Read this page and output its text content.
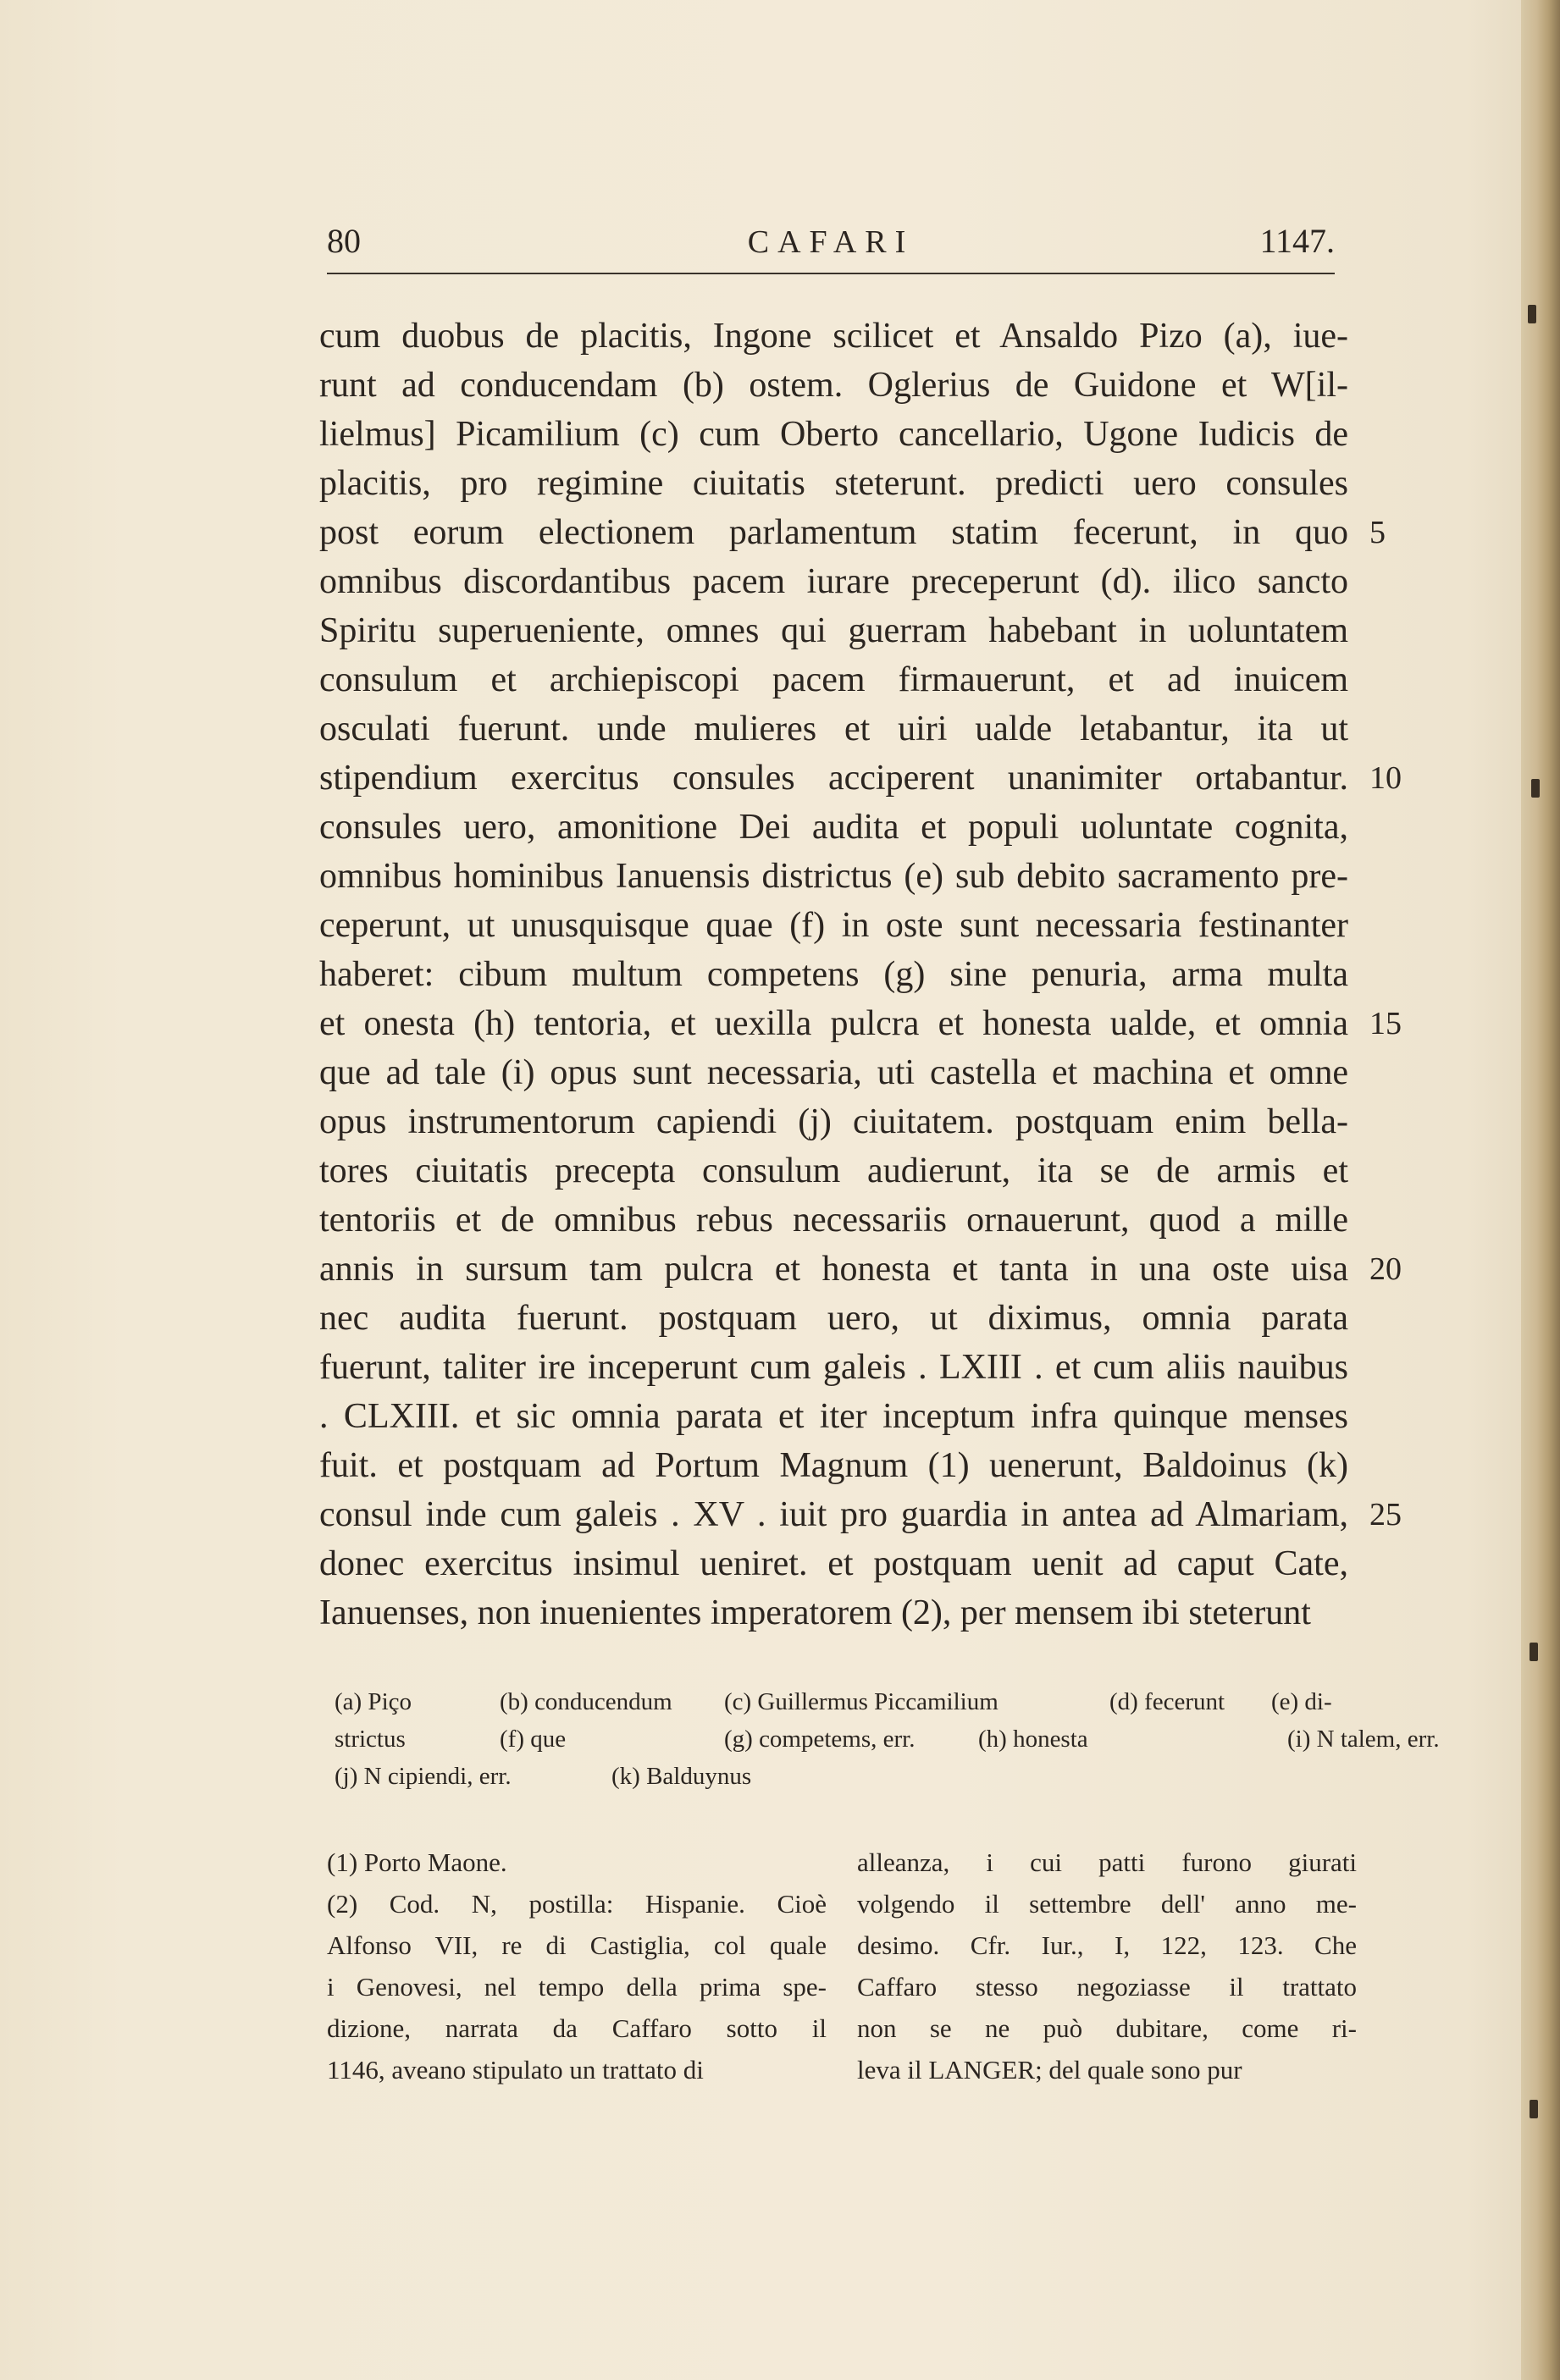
80	CAFARI	1147.
cum duobus de placitis, Ingone scilicet et Ansaldo Pizo (a), iue-
runt ad conducendam (b) ostem. Oglerius de Guidone et W[il-
lielmus] Picamilium (c) cum Oberto cancellario, Ugone Iudicis de
placitis, pro regimine ciuitatis steterunt. predicti uero consules
post eorum electionem parlamentum statim fecerunt, in quo 5
omnibus discordantibus pacem iurare preceperunt (d). ilico sancto
Spiritu superueniente, omnes qui guerram habebant in uoluntatem
consulum et archiepiscopi pacem firmauerunt, et ad inuicem
osculati fuerunt. unde mulieres et uiri ualde letabantur, ita ut
stipendium exercitus consules acciperent unanimiter ortabantur. 10
consules uero, amonitione Dei audita et populi uoluntate cognita,
omnibus hominibus Ianuensis districtus (e) sub debito sacramento pre-
ceperunt, ut unusquisque quae (f) in oste sunt necessaria festinanter
haberet: cibum multum competens (g) sine penuria, arma multa
et onesta (h) tentoria, et uexilla pulcra et honesta ualde, et omnia 15
que ad tale (i) opus sunt necessaria, uti castella et machina et omne
opus instrumentorum capiendi (j) ciuitatem. postquam enim bella-
tores ciuitatis precepta consulum audierunt, ita se de armis et
tentoriis et de omnibus rebus necessariis ornauerunt, quod a mille
annis in sursum tam pulcra et honesta et tanta in una oste uisa 20
nec audita fuerunt. postquam uero, ut diximus, omnia parata
fuerunt, taliter ire inceperunt cum galeis . LXIII . et cum aliis nauibus
. CLXIII. et sic omnia parata et iter inceptum infra quinque menses
fuit. et postquam ad Portum Magnum (1) uenerunt, Baldoinus (k)
consul inde cum galeis . XV . iuit pro guardia in antea ad Almariam, 25
donec exercitus insimul ueniret. et postquam uenit ad caput Cate,
Ianuenses, non inuenientes imperatorem (2), per mensem ibi steterunt
(a) Piço	(b) conducendum (c) Guillermus Piccamilium	(d) fecerunt (e) di-
strictus	(f) que	(g) competems, err.	(h) honesta	(i) N talem, err.
(j) N cipiendi, err.	(k) Balduynus
(1) Porto Maone.
(2) Cod. N, postilla: Hispanie. Cioè
Alfonso VII, re di Castiglia, col quale
i Genovesi, nel tempo della prima spe-
dizione, narrata da Caffaro sotto il
1146, aveano stipulato un trattato di
alleanza, i cui patti furono giurati
volgendo il settembre dell' anno me-
desimo. Cfr. Iur., I, 122, 123. Che
Caffaro stesso negoziasse il trattato
non se ne può dubitare, come ri-
leva il LANGER; del quale sono pur
